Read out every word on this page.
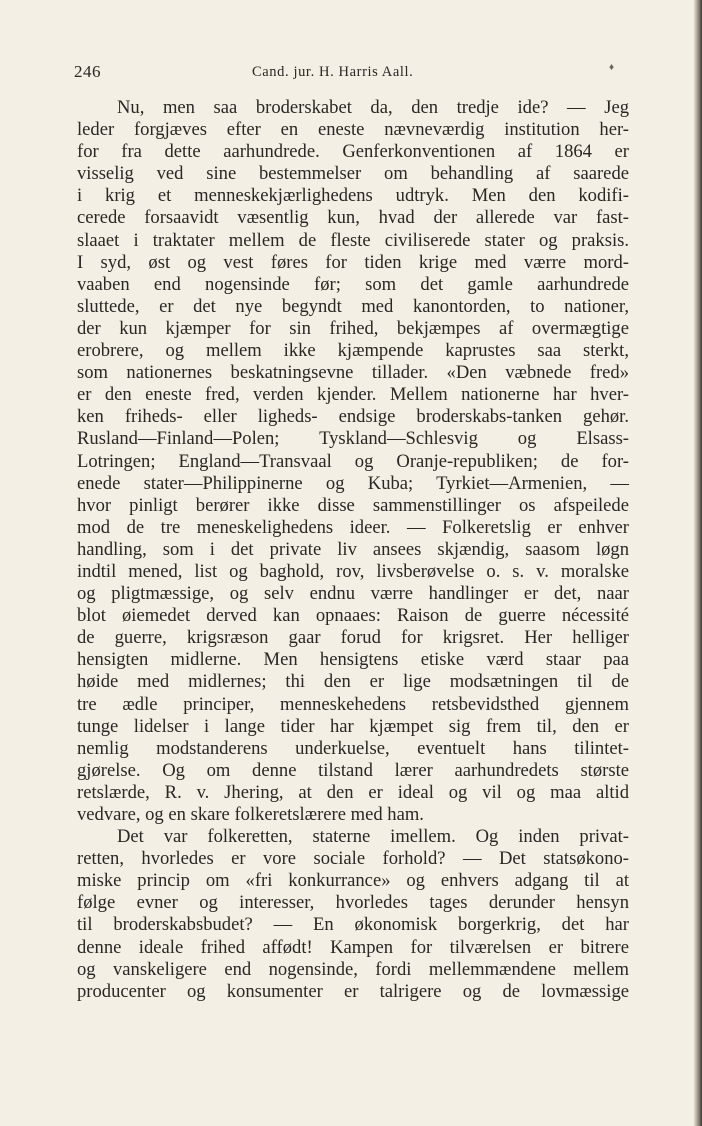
246	Cand. jur. H. Harris Aall.	♦
Nu, men saa broderskabet da, den tredje ide? — Jeg
leder forgjæves efter en eneste nævneværdig institution her-
for fra dette aarhundrede. Genferkonventionen af 1864 er
visselig ved sine bestemmelser om behandling af saarede
i krig et menneskekjærlighedens udtryk. Men den kodifi-
cerede forsaavidt væsentlig kun, hvad der allerede var fast-
slaaet i traktater mellem de fleste civiliserede stater og praksis.
I syd, øst og vest føres for tiden krige med værre mord-
vaaben end nogensinde før; som det gamle aarhundrede
sluttede, er det nye begyndt med kanontorden, to nationer,
der kun kjæmper for sin frihed, bekjæmpes af overmægtige
erobrere, og mellem ikke kjæmpende kaprustes saa sterkt,
som nationernes beskatningsevne tillader. «Den væbnede fred»
er den eneste fred, verden kjender. Mellem nationerne har hver-
ken friheds- eller ligheds- endsige broderskabs-tanken gehør.
Rusland—Finland—Polen; Tyskland—Schlesvig og Elsass-
Lotringen; England—Transvaal og Oranje-republiken; de for-
enede stater—Philippinerne og Kuba; Tyrkiet—Armenien, —
hvor pinligt berører ikke disse sammenstillinger os afspeilede
mod de tre meneskelighedens ideer. — Folkeretslig er enhver
handling, som i det private liv ansees skjændig, saasom løgn
indtil mened, list og baghold, rov, livsberøvelse o. s. v. moralske
og pligtmæssige, og selv endnu værre handlinger er det, naar
blot øiemedet derved kan opnaaes: Raison de guerre nécessité
de guerre, krigsræson gaar forud for krigsret. Her helliger
hensigten midlerne. Men hensigtens etiske værd staar paa
høide med midlernes; thi den er lige modsætningen til de
tre ædle principer, menneskehedens retsbevidsthed gjennem
tunge lidelser i lange tider har kjæmpet sig frem til, den er
nemlig modstanderens underkuelse, eventuelt hans tilintet-
gjørelse. Og om denne tilstand lærer aarhundredets største
retslærde, R. v. Jhering, at den er ideal og vil og maa altid
vedvare, og en skare folkeretslærere med ham.
Det var folkeretten, staterne imellem. Og inden privat-
retten, hvorledes er vore sociale forhold? — Det statsøkono-
miske princip om «fri konkurrance» og enhvers adgang til at
følge evner og interesser, hvorledes tages derunder hensyn
til broderskabsbudet? — En økonomisk borgerkrig, det har
denne ideale frihed affødt! Kampen for tilværelsen er bitrere
og vanskeligere end nogensinde, fordi mellemmændene mellem
producenter og konsumenter er talrigere og de lovmæssige
